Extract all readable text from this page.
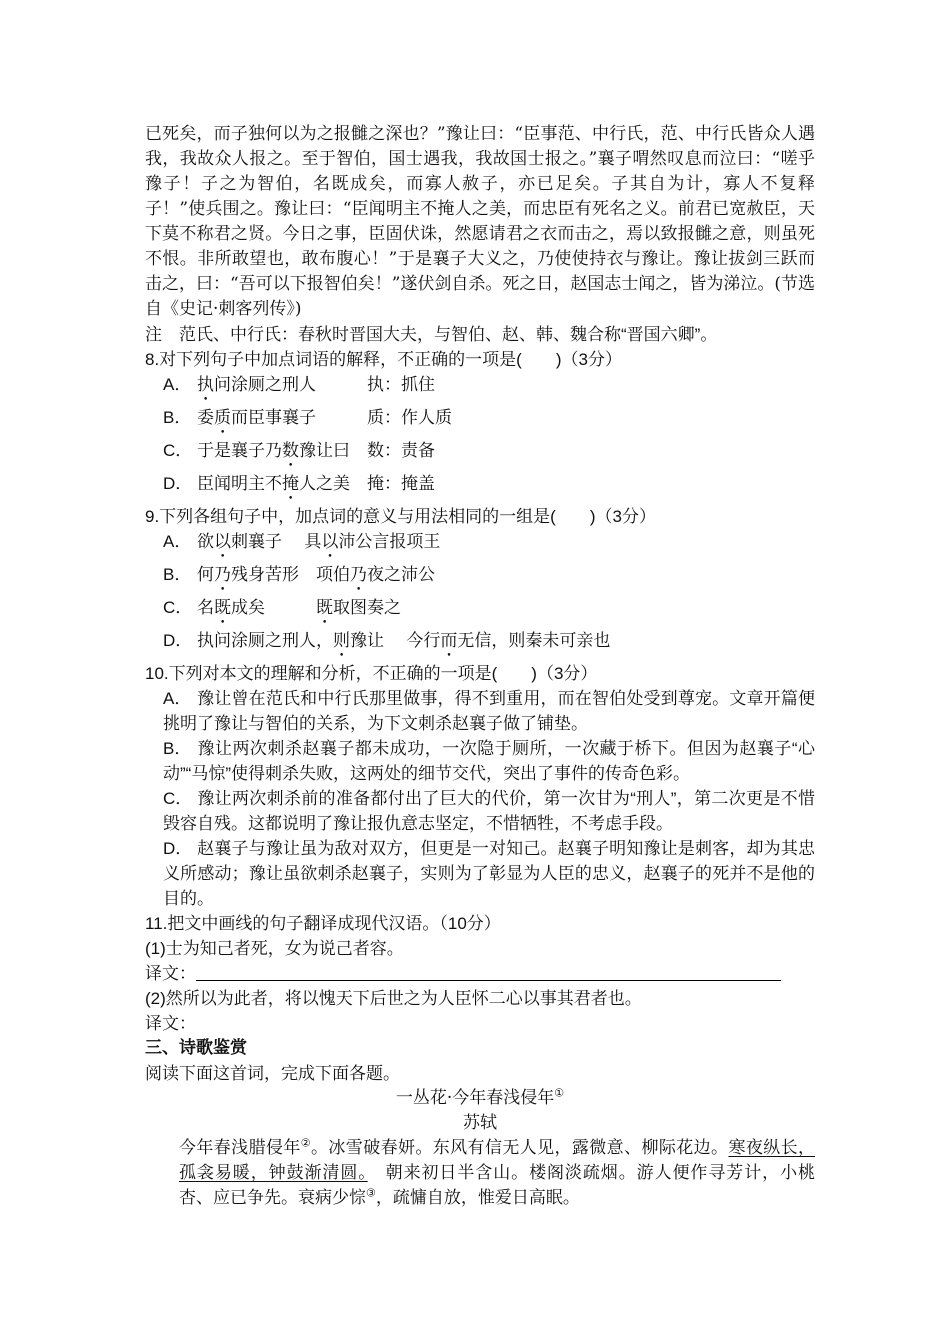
已死矣，而子独何以为之报雠之深也？”豫让曰：“臣事范、中行氏，范、中行氏皆众人遇我，我故众人报之。至于智伯，国士遇我，我故国士报之。”襄子喟然叹息而泣曰：“嗟乎豫子！子之为智伯，名既成矣，而寡人赦子，亦已足矣。子其自为计，寡人不复释子！”使兵围之。豫让曰：“臣闻明主不掩人之美，而忠臣有死名之义。前君已宽赦臣，天下莫不称君之贤。今日之事，臣固伏诛，然愿请君之衣而击之，焉以致报雠之意，则虽死不恨。非所敢望也，敢布腹心！”于是襄子大义之，乃使使持衣与豫让。豫让拔剑三跃而击之，曰：“吾可以下报智伯矣！”遂伏剑自杀。死之日，赵国志士闻之，皆为涕泣。(节选自《史记·刺客列传》)

注　范氏、中行氏：春秋时晋国大夫，与智伯、赵、韩、魏合称“晋国六卿”。

8.对下列句子中加点词语的解释，不正确的一项是(　　)（3分）

A． 执问涂厕之刑人　　　	执：抓住

B． 委质而臣事襄子　　　	质：作人质

C． 于是襄子乃数豫让曰　 数：责备

D． 臣闻明主不掩人之美　 掩：掩盖

9.下列各组句子中，加点词的意义与用法相同的一组是(　　)（3分）

A． 欲以刺襄子　 具以沛公言报项王

B． 何乃残身苦形　 项伯乃夜之沛公

C． 名既成矣　　　	既取图奏之

D． 执问涂厕之刑人，则豫让　 今行而无信，则秦未可亲也

10.下列对本文的理解和分析，不正确的一项是(　　)（3分）

A． 豫让曾在范氏和中行氏那里做事，得不到重用，而在智伯处受到尊宠。文章开篇便挑明了豫让与智伯的关系，为下文刺杀赵襄子做了铺垫。

B． 豫让两次刺杀赵襄子都未成功，一次隐于厕所，一次藏于桥下。但因为赵襄子“心动”“马惊”使得刺杀失败，这两处的细节交代，突出了事件的传奇色彩。

C． 豫让两次刺杀前的准备都付出了巨大的代价，第一次甘为“刑人”，第二次更是不惜毁容自残。这都说明了豫让报仇意志坚定，不惜牺牲，不考虑手段。

D． 赵襄子与豫让虽为敌对双方，但更是一对知己。赵襄子明知豫让是刺客，却为其忠义所感动；豫让虽欲刺杀赵襄子，实则为了彰显为人臣的忠义，赵襄子的死并不是他的目的。

11.把文中画线的句子翻译成现代汉语。（10分）

(1)士为知己者死，女为说己者容。

译文：

(2)然所以为此者，将以愧天下后世之为人臣怀二心以事其君者也。

译文：

三、诗歌鉴赏

阅读下面这首词，完成下面各题。

一丛花·今年春浅侵年①

苏轼

今年春浅腊侵年②。冰雪破春妍。东风有信无人见，露微意、柳际花边。寒夜纵长，孤衾易暖，钟鼓渐清圆。　朝来初日半含山。楼阁淡疏烟。游人便作寻芳计，小桃杏、应已争先。衰病少悰③，疏慵自放，惟爱日高眠。
